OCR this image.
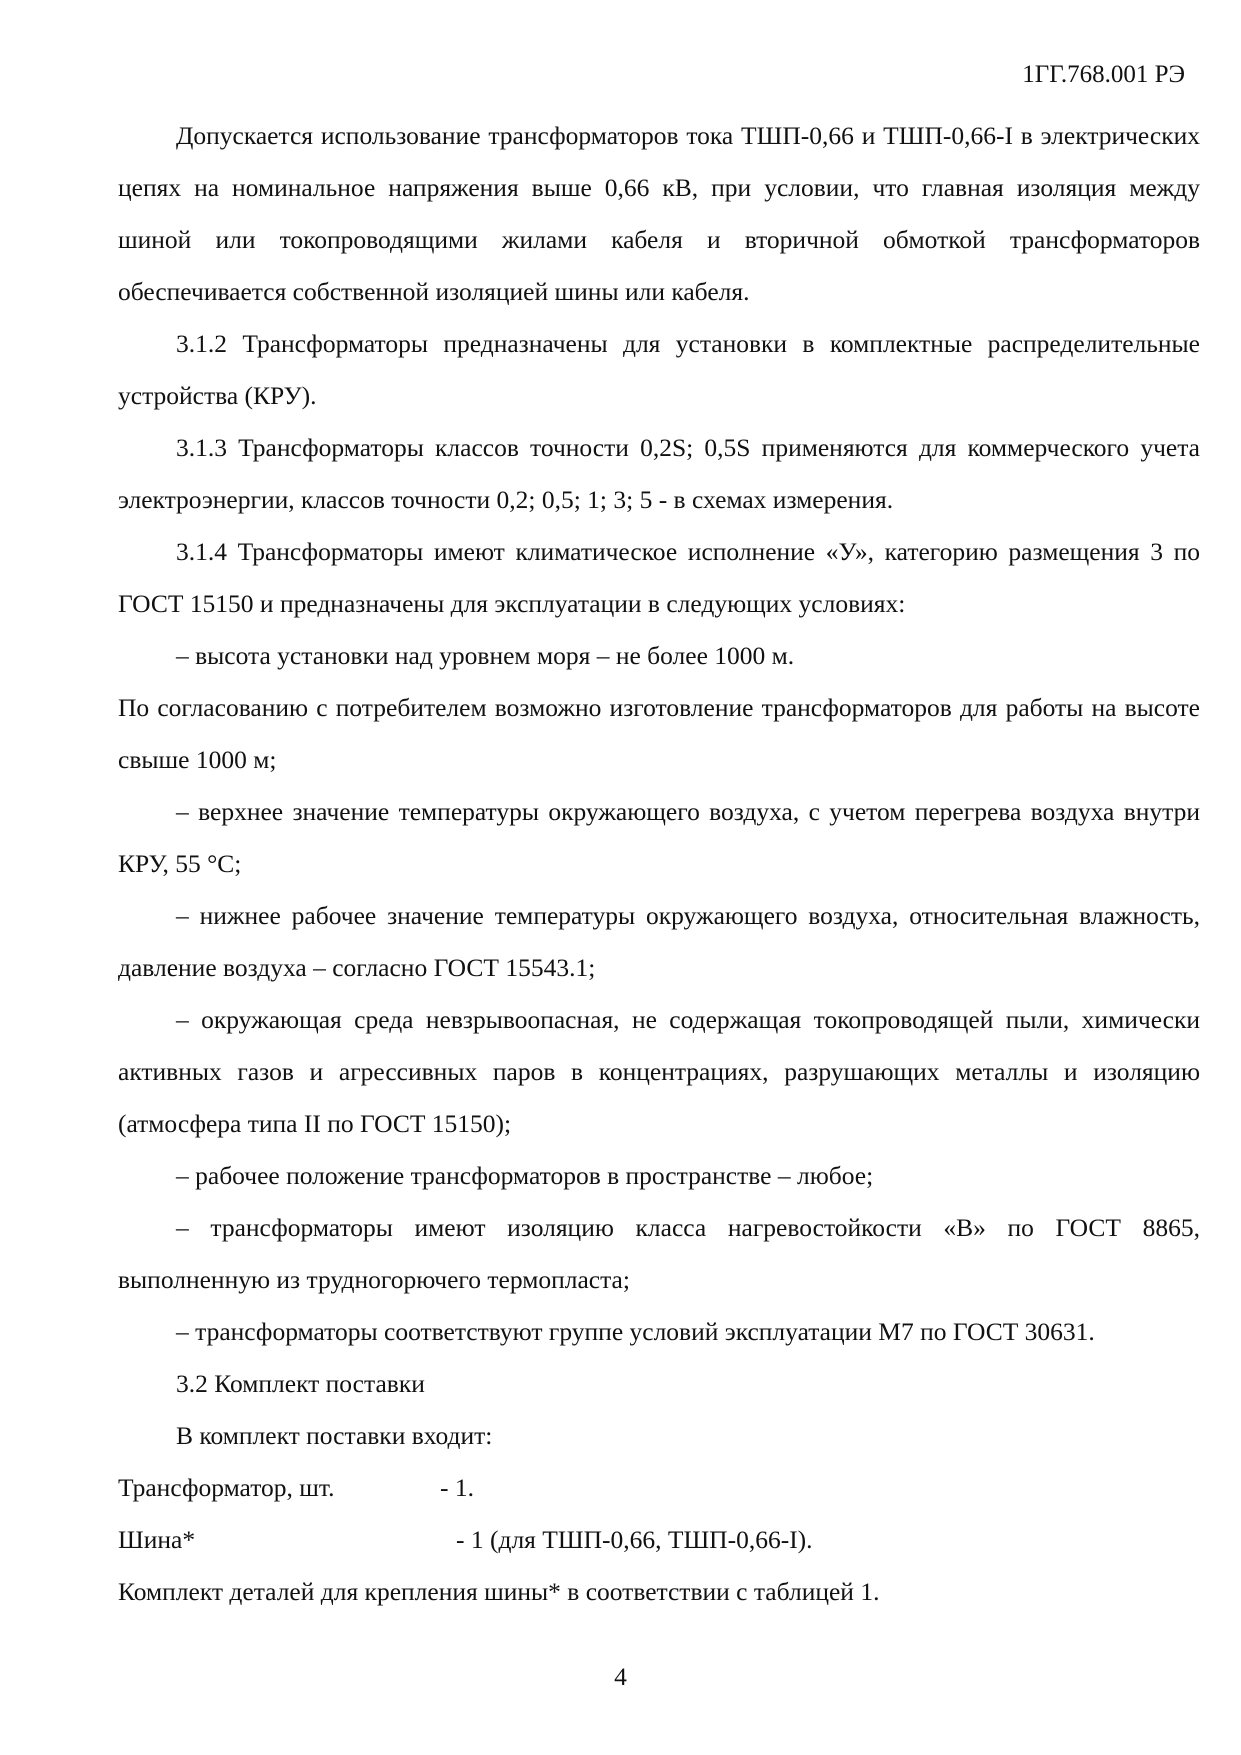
1ГГ.768.001 РЭ

Допускается использование трансформаторов тока ТШП-0,66 и ТШП-0,66-I в электрических цепях на номинальное напряжения выше 0,66 кВ, при условии, что главная изоляция между шиной или токопроводящими жилами кабеля и вторичной обмоткой трансформаторов обеспечивается собственной изоляцией шины или кабеля.

3.1.2 Трансформаторы предназначены для установки в комплектные распределительные устройства (КРУ).

3.1.3 Трансформаторы классов точности 0,2S; 0,5S применяются для коммерческого учета электроэнергии, классов точности 0,2; 0,5; 1; 3; 5 - в схемах измерения.

3.1.4 Трансформаторы имеют климатическое исполнение «У», категорию размещения 3 по ГОСТ 15150 и предназначены для эксплуатации в следующих условиях:

– высота установки над уровнем моря – не более 1000 м.

По согласованию с потребителем возможно изготовление трансформаторов для работы на высоте свыше 1000 м;

– верхнее значение температуры окружающего воздуха, с учетом перегрева воздуха внутри КРУ, 55 °С;

– нижнее рабочее значение температуры окружающего воздуха, относительная влажность, давление воздуха – согласно ГОСТ 15543.1;

– окружающая среда невзрывоопасная, не содержащая токопроводящей пыли, химически активных газов и агрессивных паров в концентрациях, разрушающих металлы и изоляцию (атмосфера типа II по ГОСТ 15150);

– рабочее положение трансформаторов в пространстве – любое;

– трансформаторы имеют изоляцию класса нагревостойкости «В» по ГОСТ 8865, выполненную из трудногорючего термопласта;

– трансформаторы соответствуют группе условий эксплуатации М7 по ГОСТ 30631.

3.2 Комплект поставки

В комплект поставки входит:

Трансформатор, шт.	- 1.

Шина*	- 1 (для ТШП-0,66, ТШП-0,66-I).

Комплект деталей для крепления шины* в соответствии с таблицей 1.

4
